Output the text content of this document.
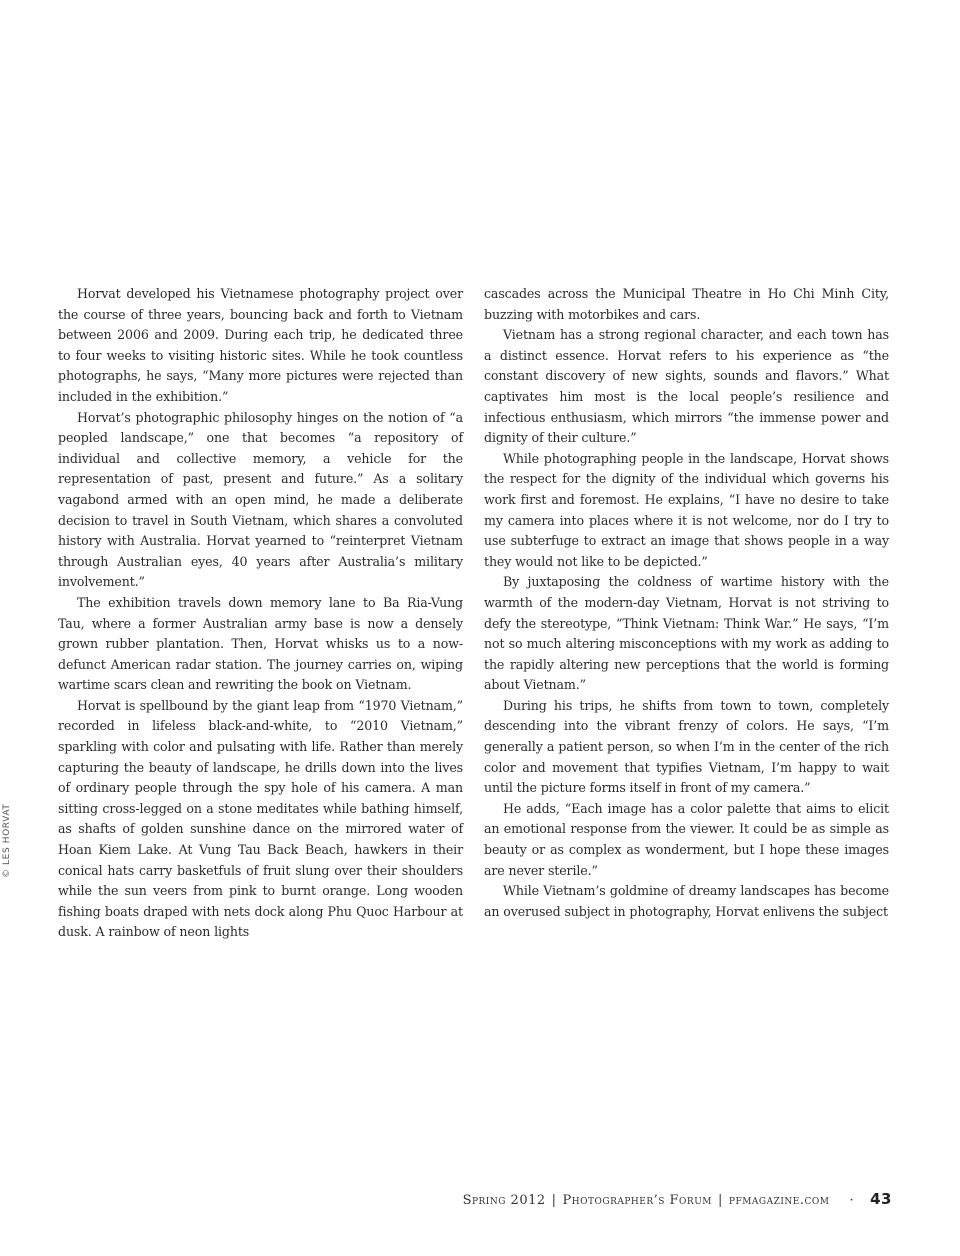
© LES HORVAT

Horvat developed his Vietnamese photography project over the course of three years, bouncing back and forth to Vietnam between 2006 and 2009. During each trip, he dedicated three to four weeks to visiting historic sites. While he took countless photographs, he says, “Many more pictures were rejected than included in the exhibition.”

Horvat’s photographic philosophy hinges on the notion of “a peopled landscape,” one that becomes “a repository of individual and collective memory, a vehicle for the representation of past, present and future.” As a solitary vagabond armed with an open mind, he made a deliberate decision to travel in South Vietnam, which shares a convoluted history with Australia. Horvat yearned to “reinterpret Vietnam through Australian eyes, 40 years after Australia’s military involvement.”

The exhibition travels down memory lane to Ba Ria-Vung Tau, where a former Australian army base is now a densely grown rubber plantation. Then, Horvat whisks us to a now-defunct American radar station. The journey carries on, wiping wartime scars clean and rewriting the book on Vietnam.

Horvat is spellbound by the giant leap from “1970 Vietnam,” recorded in lifeless black-and-white, to “2010 Vietnam,” sparkling with color and pulsating with life. Rather than merely capturing the beauty of landscape, he drills down into the lives of ordinary people through the spy hole of his camera. A man sitting cross-legged on a stone meditates while bathing himself, as shafts of golden sunshine dance on the mirrored water of Hoan Kiem Lake. At Vung Tau Back Beach, hawkers in their conical hats carry basketfuls of fruit slung over their shoulders while the sun veers from pink to burnt orange. Long wooden fishing boats draped with nets dock along Phu Quoc Harbour at dusk. A rainbow of neon lights

cascades across the Municipal Theatre in Ho Chi Minh City, buzzing with motorbikes and cars.

Vietnam has a strong regional character, and each town has a distinct essence. Horvat refers to his experience as “the constant discovery of new sights, sounds and flavors.” What captivates him most is the local people’s resilience and infectious enthusiasm, which mirrors “the immense power and dignity of their culture.”

While photographing people in the landscape, Horvat shows the respect for the dignity of the individual which governs his work first and foremost. He explains, “I have no desire to take my camera into places where it is not welcome, nor do I try to use subterfuge to extract an image that shows people in a way they would not like to be depicted.”

By juxtaposing the coldness of wartime history with the warmth of the modern-day Vietnam, Horvat is not striving to defy the stereotype, “Think Vietnam: Think War.” He says, “I’m not so much altering misconceptions with my work as adding to the rapidly altering new perceptions that the world is forming about Vietnam.”

During his trips, he shifts from town to town, completely descending into the vibrant frenzy of colors. He says, “I’m generally a patient person, so when I’m in the center of the rich color and movement that typifies Vietnam, I’m happy to wait until the picture forms itself in front of my camera.”

He adds, “Each image has a color palette that aims to elicit an emotional response from the viewer. It could be as simple as beauty or as complex as wonderment, but I hope these images are never sterile.”

While Vietnam’s goldmine of dreamy landscapes has become an overused subject in photography, Horvat enlivens the subject

Spring 2012 | Photographer’s Forum | pfmagazine.com · 43
